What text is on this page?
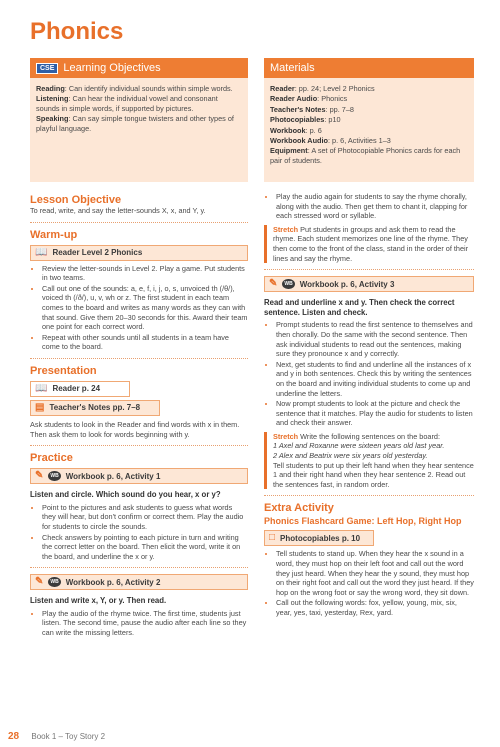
Phonics
CSE Learning Objectives

Reading: Can identify individual sounds within simple words.

Listening: Can hear the individual vowel and consonant sounds in simple words, if supported by pictures.

Speaking: Can say simple tongue twisters and other types of playful language.

Lesson Objective

To read, write, and say the letter-sounds X, x, and Y, y.

Warm-up
📖 Reader Level 2 Phonics
• Review the letter-sounds in Level 2. Play a game. Put students in two teams.
• Call out one of the sounds: a, e, f, i, j, o, s, unvoiced th (/θ/), voiced th (/ð/), u, v, wh or z. The first student in each team comes to the board and writes as many words as they can with that sound. Give them 20–30 seconds for this. Award their team one point for each correct word.
• Repeat with other sounds until all students in a team have come to the board.
Presentation
📖 Reader p. 24
▤ Teacher's Notes pp. 7–8

Ask students to look in the Reader and find words with x in them. Then ask them to look for words beginning with y.

Practice
✎	WB Workbook p. 6, Activity 1

Listen and circle. Which sound do you hear, x or y?

• Point to the pictures and ask students to guess what words they will hear, but don't confirm or correct them. Play the audio for students to circle the sounds.
• Check answers by pointing to each picture in turn and writing the correct letter on the board. Then elicit the word, write it on the board, and underline the x or y.
✎	WB Workbook p. 6, Activity 2

Listen and write x, Y, or y. Then read.

• Play the audio of the rhyme twice. The first time, students just listen. The second time, pause the audio after each line so they can write the missing letters.
Materials

Reader: pp. 24; Level 2 Phonics

Reader Audio: Phonics

Teacher's Notes: pp. 7–8

Photocopiables: p10

Workbook: p. 6

Workbook Audio: p. 6, Activities 1–3

Equipment: A set of Photocopiable Phonics cards for each pair of students.

• Play the audio again for students to say the rhyme chorally, along with the audio. Then get them to chant it, clapping for each stressed word or syllable.
Stretch Put students in groups and ask them to read the rhyme. Each student memorizes one line of the rhyme. They then come to the front of the class, stand in the order of their lines and say the rhyme.
✎	WB Workbook p. 6, Activity 3

Read and underline x and y. Then check the correct sentence. Listen and check.

• Prompt students to read the first sentence to themselves and then chorally. Do the same with the second sentence. Then ask individual students to read out the sentences, making sure they pronounce x and y correctly.
• Next, get students to find and underline all the instances of x and y in both sentences. Check this by writing the sentences on the board and inviting individual students to come up and underline the letters.
• Now prompt students to look at the picture and check the sentence that it matches. Play the audio for students to listen and check their answer.
Stretch Write the following sentences on the board:
1 Axel and Roxanne were sixteen years old last year.
2 Alex and Beatrix were six years old yesterday.
Tell students to put up their left hand when they hear sentence 1 and their right hand when they hear sentence 2. Read out the sentences fast, in random order.
Extra Activity
Phonics Flashcard Game: Left Hop, Right Hop
□ Photocopiables p. 10
• Tell students to stand up. When they hear the x sound in a word, they must hop on their left foot and call out the word they just heard. When they hear the y sound, they must hop on their right foot and call out the word they just heard. If they hop on the wrong foot or say the wrong word, they sit down.
• Call out the following words: fox, yellow, young, mix, six, year, yes, taxi, yesterday, Rex, yard.
28 Book 1 – Toy Story 2
